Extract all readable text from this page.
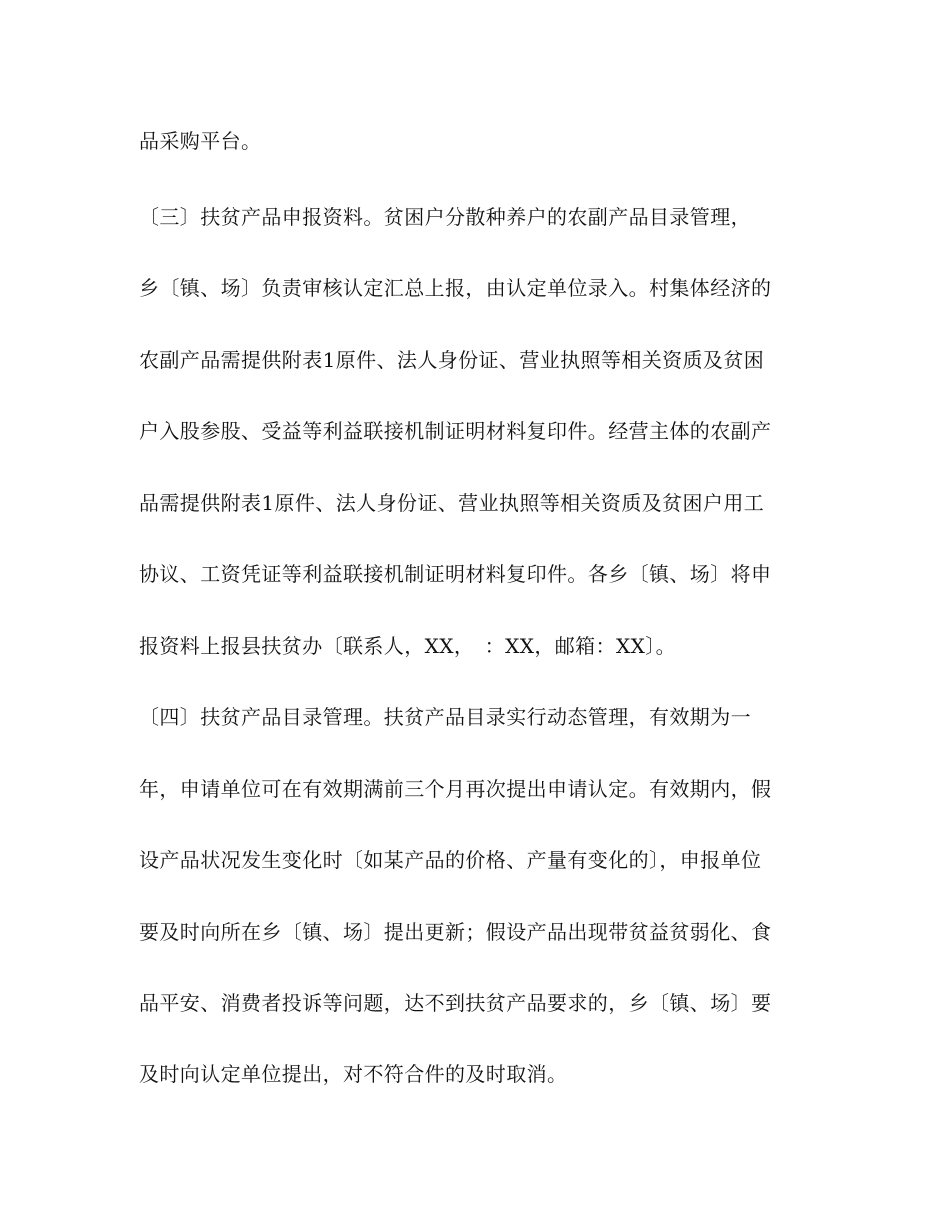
品采购平台。
〔三〕扶贫产品申报资料。贫困户分散种养户的农副产品目录管理，
乡〔镇、场〕负责审核认定汇总上报，由认定单位录入。村集体经济的
农副产品需提供附表1原件、法人身份证、营业执照等相关资质及贫困
户入股参股、受益等利益联接机制证明材料复印件。经营主体的农副产
品需提供附表1原件、法人身份证、营业执照等相关资质及贫困户用工
协议、工资凭证等利益联接机制证明材料复印件。各乡〔镇、场〕将申
报资料上报县扶贫办〔联系人，XX，　：XX，邮箱：XX〕。
〔四〕扶贫产品目录管理。扶贫产品目录实行动态管理，有效期为一
年，申请单位可在有效期满前三个月再次提出申请认定。有效期内，假
设产品状况发生变化时〔如某产品的价格、产量有变化的〕，申报单位
要及时向所在乡〔镇、场〕提出更新；假设产品出现带贫益贫弱化、食
品平安、消费者投诉等问题，达不到扶贫产品要求的，乡〔镇、场〕要
及时向认定单位提出，对不符合件的及时取消。
